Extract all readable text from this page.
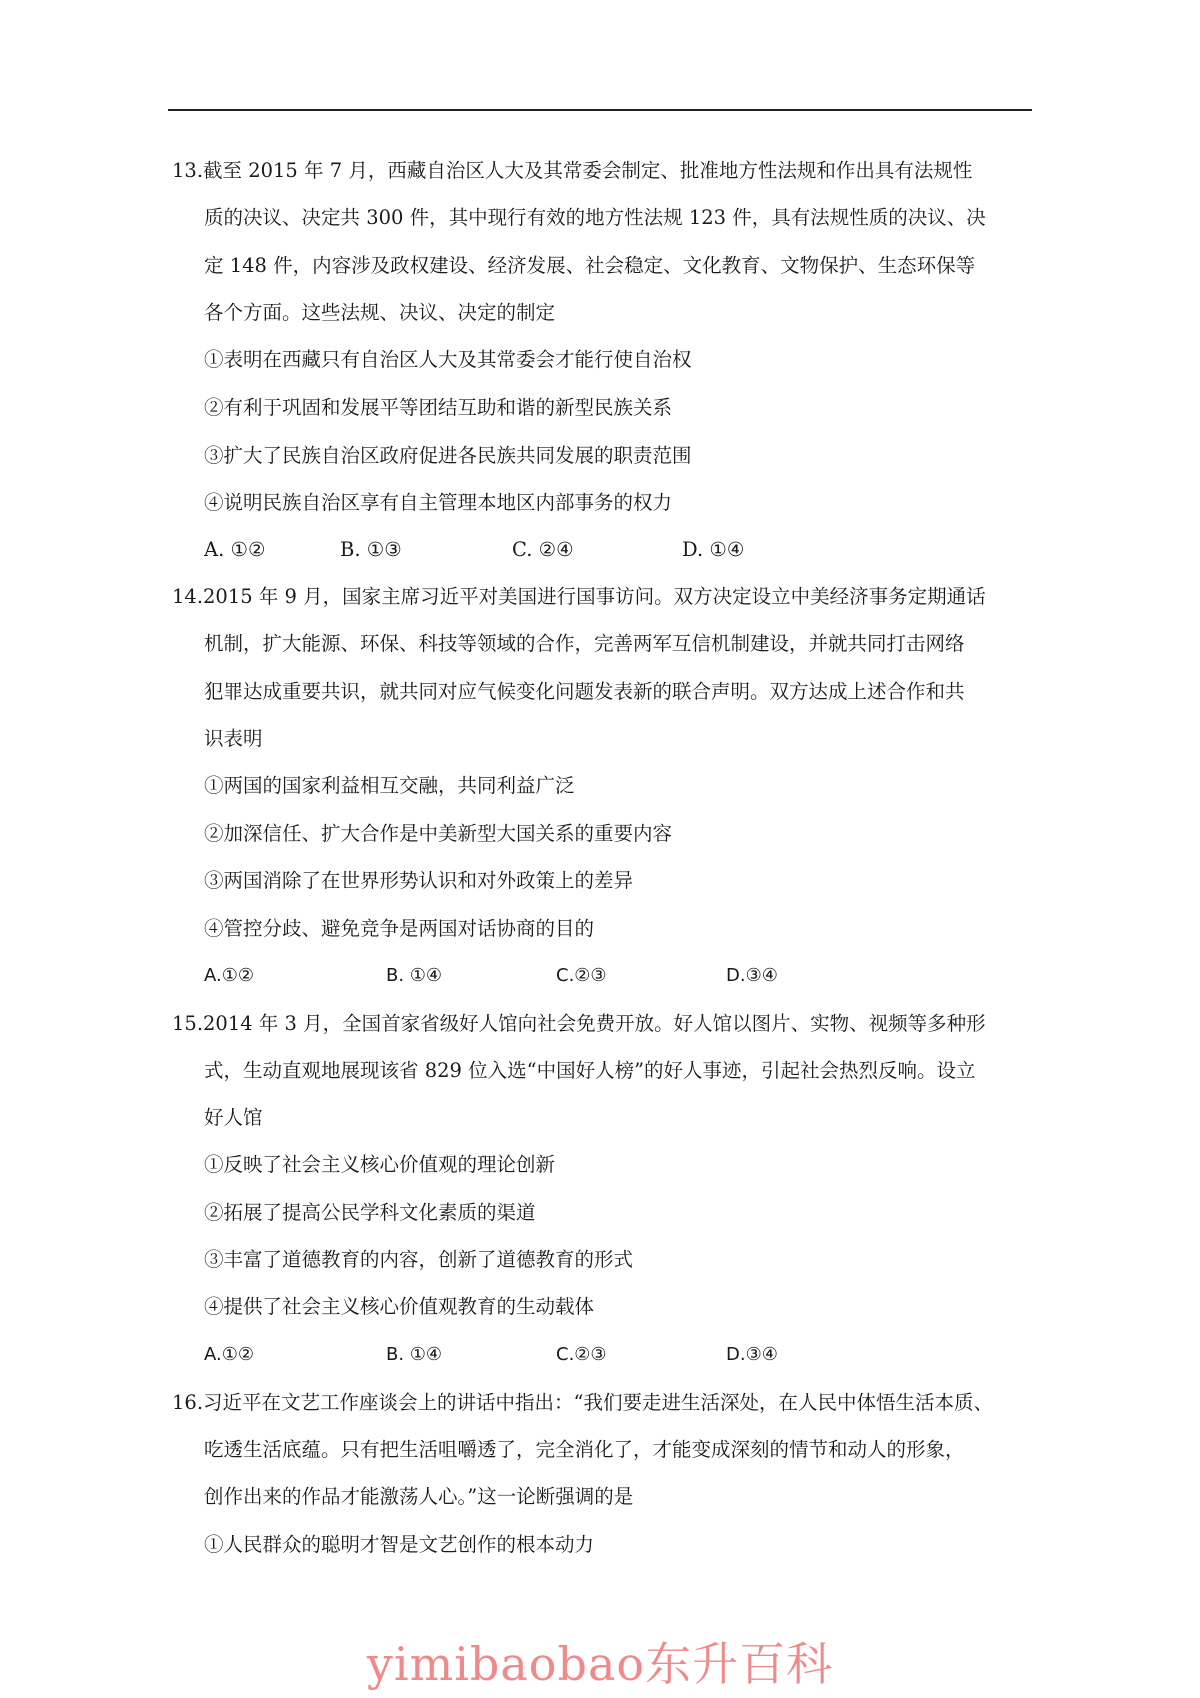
13.截至 2015 年 7 月，西藏自治区人大及其常委会制定、批准地方性法规和作出具有法规性
质的决议、决定共 300 件，其中现行有效的地方性法规 123 件，具有法规性质的决议、决
定 148 件，内容涉及政权建设、经济发展、社会稳定、文化教育、文物保护、生态环保等
各个方面。这些法规、决议、决定的制定
①表明在西藏只有自治区人大及其常委会才能行使自治权
②有利于巩固和发展平等团结互助和谐的新型民族关系
③扩大了民族自治区政府促进各民族共同发展的职责范围
④说明民族自治区享有自主管理本地区内部事务的权力
A. ①②	B. ①③	C. ②④	D. ①④
14.2015 年 9 月，国家主席习近平对美国进行国事访问。双方决定设立中美经济事务定期通话
机制，扩大能源、环保、科技等领域的合作，完善两军互信机制建设，并就共同打击网络
犯罪达成重要共识，就共同对应气候变化问题发表新的联合声明。双方达成上述合作和共
识表明
①两国的国家利益相互交融，共同利益广泛
②加深信任、扩大合作是中美新型大国关系的重要内容
③两国消除了在世界形势认识和对外政策上的差异
④管控分歧、避免竞争是两国对话协商的目的
A.①②	B. ①④	C.②③	D.③④
15.2014 年 3 月，全国首家省级好人馆向社会免费开放。好人馆以图片、实物、视频等多种形
式，生动直观地展现该省 829 位入选“中国好人榜”的好人事迹，引起社会热烈反响。设立
好人馆
①反映了社会主义核心价值观的理论创新
②拓展了提高公民学科文化素质的渠道
③丰富了道德教育的内容，创新了道德教育的形式
④提供了社会主义核心价值观教育的生动载体
A.①②	B. ①④	C.②③	D.③④
16.习近平在文艺工作座谈会上的讲话中指出：“我们要走进生活深处，在人民中体悟生活本质、
吃透生活底蕴。只有把生活咀嚼透了，完全消化了，才能变成深刻的情节和动人的形象，
创作出来的作品才能激荡人心。”这一论断强调的是
①人民群众的聪明才智是文艺创作的根本动力
yimibaobao东升百科
